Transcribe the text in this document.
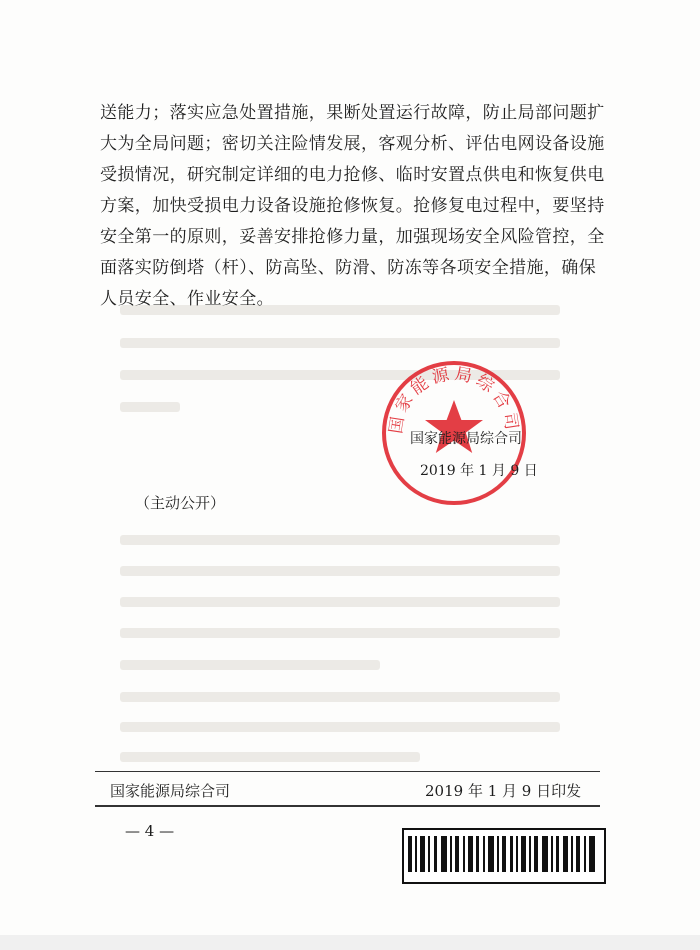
送能力；落实应急处置措施，果断处置运行故障，防止局部问题扩
大为全局问题；密切关注险情发展，客观分析、评估电网设备设施
受损情况，研究制定详细的电力抢修、临时安置点供电和恢复供电
方案，加快受损电力设备设施抢修恢复。抢修复电过程中，要坚持
安全第一的原则，妥善安排抢修力量，加强现场安全风险管控，全
面落实防倒塔（杆）、防高坠、防滑、防冻等各项安全措施，确保
人员安全、作业安全。
国家能源局综合司
国家能源局综合司
2019 年 1 月 9 日
（主动公开）
国家能源局综合司	2019 年 1 月 9 日印发
— 4 —
